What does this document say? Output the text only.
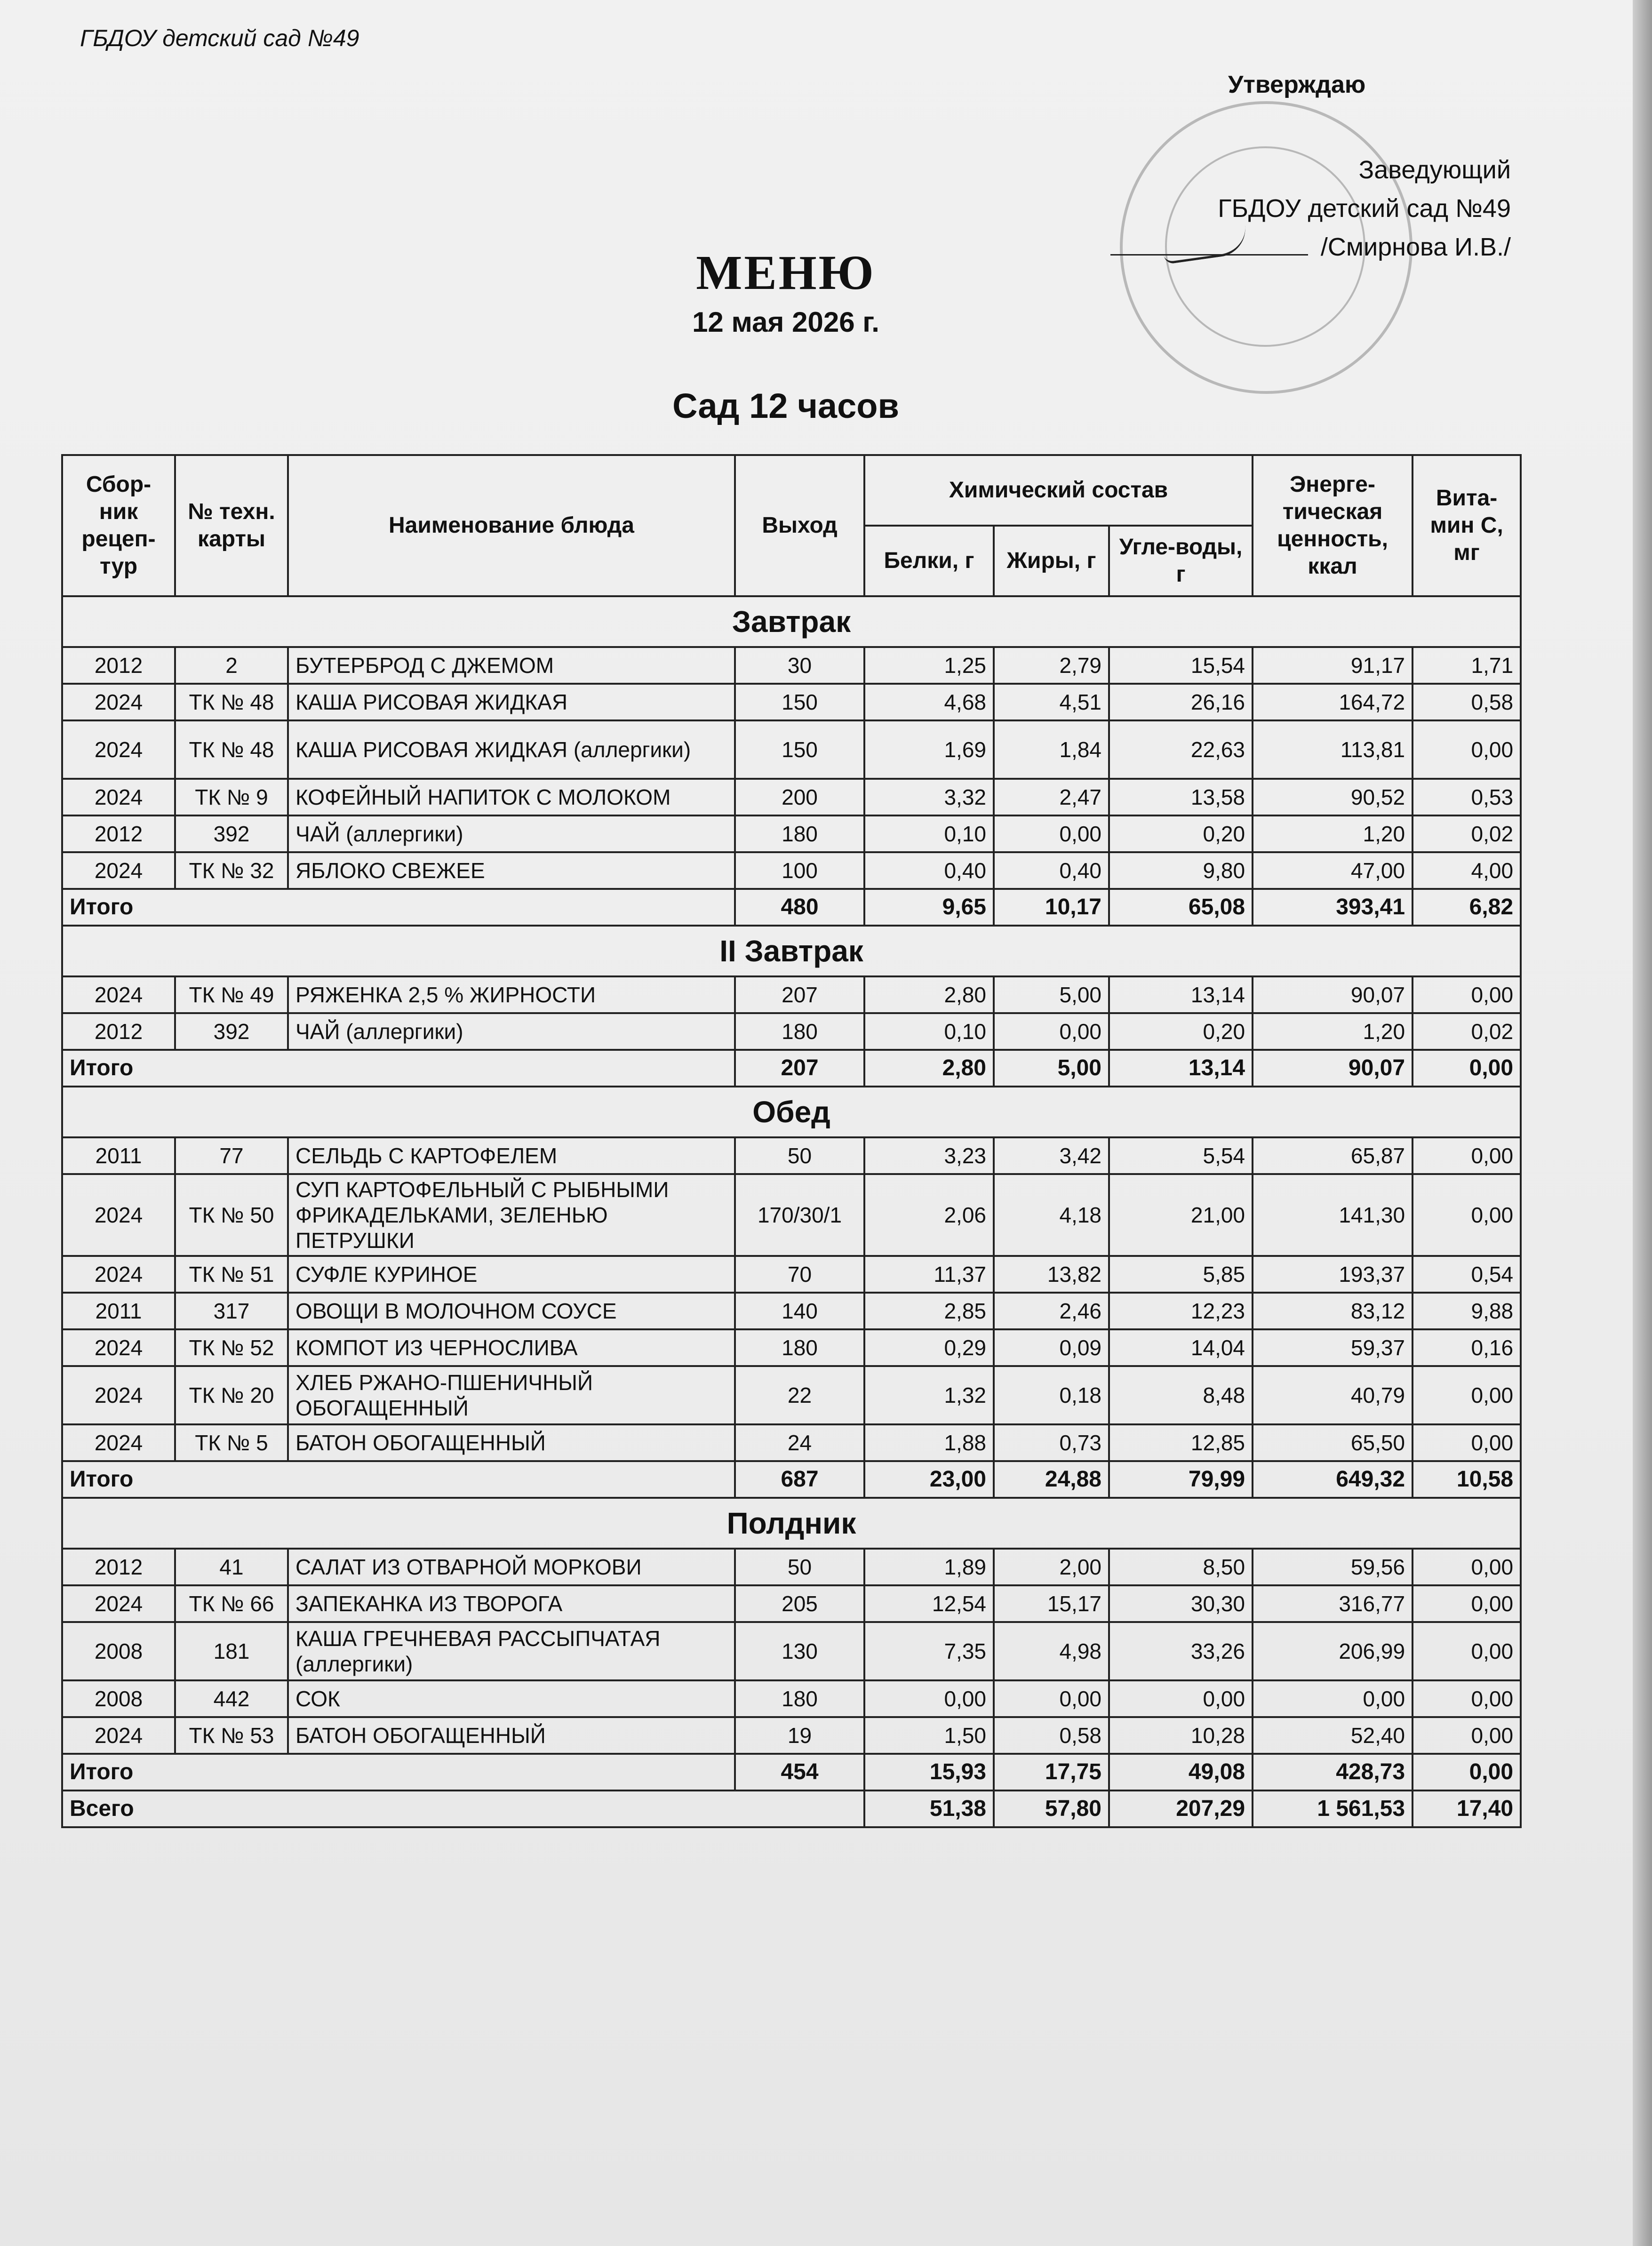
ГБДОУ детский сад №49
Утверждаю
Заведующий
ГБДОУ детский сад №49
/Смирнова И.В./
МЕНЮ
12 мая 2026 г.
Сад 12 часов
Сбор-ник рецеп-тур	№ техн. карты	Наименование блюда	Выход	Химический состав			Энерге-тическая ценность, ккал	Вита-мин С, мг
				Белки, г	Жиры, г	Угле-воды, г		
Завтрак								
2012	2	БУТЕРБРОД С ДЖЕМОМ	30	1,25	2,79	15,54	91,17	1,71
2024	ТК № 48	КАША РИСОВАЯ ЖИДКАЯ	150	4,68	4,51	26,16	164,72	0,58
2024	ТК № 48	КАША РИСОВАЯ ЖИДКАЯ (аллергики)	150	1,69	1,84	22,63	113,81	0,00
2024	ТК № 9	КОФЕЙНЫЙ НАПИТОК С МОЛОКОМ	200	3,32	2,47	13,58	90,52	0,53
2012	392	ЧАЙ (аллергики)	180	0,10	0,00	0,20	1,20	0,02
2024	ТК № 32	ЯБЛОКО СВЕЖЕЕ	100	0,40	0,40	9,80	47,00	4,00
Итого			480	9,65	10,17	65,08	393,41	6,82
II Завтрак								
2024	ТК № 49	РЯЖЕНКА 2,5 % ЖИРНОСТИ	207	2,80	5,00	13,14	90,07	0,00
2012	392	ЧАЙ (аллергики)	180	0,10	0,00	0,20	1,20	0,02
Итого			207	2,80	5,00	13,14	90,07	0,00
Обед								
2011	77	СЕЛЬДЬ С КАРТОФЕЛЕМ	50	3,23	3,42	5,54	65,87	0,00
2024	ТК № 50	СУП КАРТОФЕЛЬНЫЙ С РЫБНЫМИ ФРИКАДЕЛЬКАМИ, ЗЕЛЕНЬЮ ПЕТРУШКИ	170/30/1	2,06	4,18	21,00	141,30	0,00
2024	ТК № 51	СУФЛЕ КУРИНОЕ	70	11,37	13,82	5,85	193,37	0,54
2011	317	ОВОЩИ В МОЛОЧНОМ СОУСЕ	140	2,85	2,46	12,23	83,12	9,88
2024	ТК № 52	КОМПОТ ИЗ ЧЕРНОСЛИВА	180	0,29	0,09	14,04	59,37	0,16
2024	ТК № 20	ХЛЕБ РЖАНО-ПШЕНИЧНЫЙ ОБОГАЩЕННЫЙ	22	1,32	0,18	8,48	40,79	0,00
2024	ТК № 5	БАТОН ОБОГАЩЕННЫЙ	24	1,88	0,73	12,85	65,50	0,00
Итого			687	23,00	24,88	79,99	649,32	10,58
Полдник								
2012	41	САЛАТ ИЗ ОТВАРНОЙ МОРКОВИ	50	1,89	2,00	8,50	59,56	0,00
2024	ТК № 66	ЗАПЕКАНКА ИЗ ТВОРОГА	205	12,54	15,17	30,30	316,77	0,00
2008	181	КАША ГРЕЧНЕВАЯ РАССЫПЧАТАЯ (аллергики)	130	7,35	4,98	33,26	206,99	0,00
2008	442	СОК	180	0,00	0,00	0,00	0,00	0,00
2024	ТК № 53	БАТОН ОБОГАЩЕННЫЙ	19	1,50	0,58	10,28	52,40	0,00
Итого			454	15,93	17,75	49,08	428,73	0,00
Всего				51,38	57,80	207,29	1 561,53	17,40
